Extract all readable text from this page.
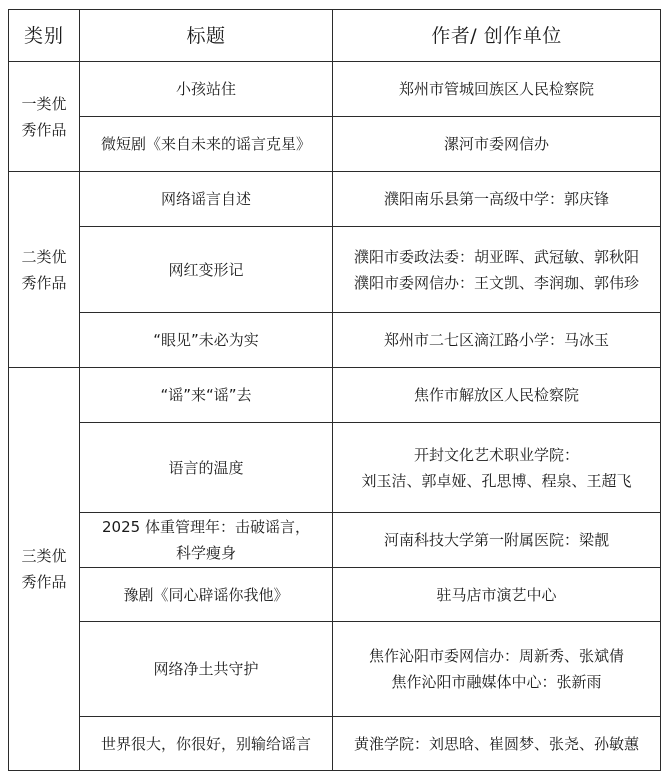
类别	标题	作者/ 创作单位

一类优
秀作品	小孩站住	郑州市管城回族区人民检察院

	微短剧《来自未来的谣言克星》	漯河市委网信办

二类优
秀作品	网络谣言自述	濮阳南乐县第一高级中学：郭庆锋

	网红变形记	濮阳市委政法委：胡亚晖、武冠敏、郭秋阳
濮阳市委网信办：王文凯、李润珈、郭伟珍

	“眼见”未必为实	郑州市二七区滴江路小学：马冰玉

三类优
秀作品	“谣”来“谣”去	焦作市解放区人民检察院

	语言的温度	开封文化艺术职业学院：
刘玉洁、郭卓娅、孔思博、程泉、王超飞

	2025 体重管理年：击破谣言，
科学瘦身	河南科技大学第一附属医院：梁靓

	豫剧《同心辟谣你我他》	驻马店市演艺中心

	网络净土共守护	焦作沁阳市委网信办：周新秀、张斌倩
焦作沁阳市融媒体中心：张新雨

	世界很大，你很好，别输给谣言	黄淮学院：刘思晗、崔圆梦、张尧、孙敏蕙
